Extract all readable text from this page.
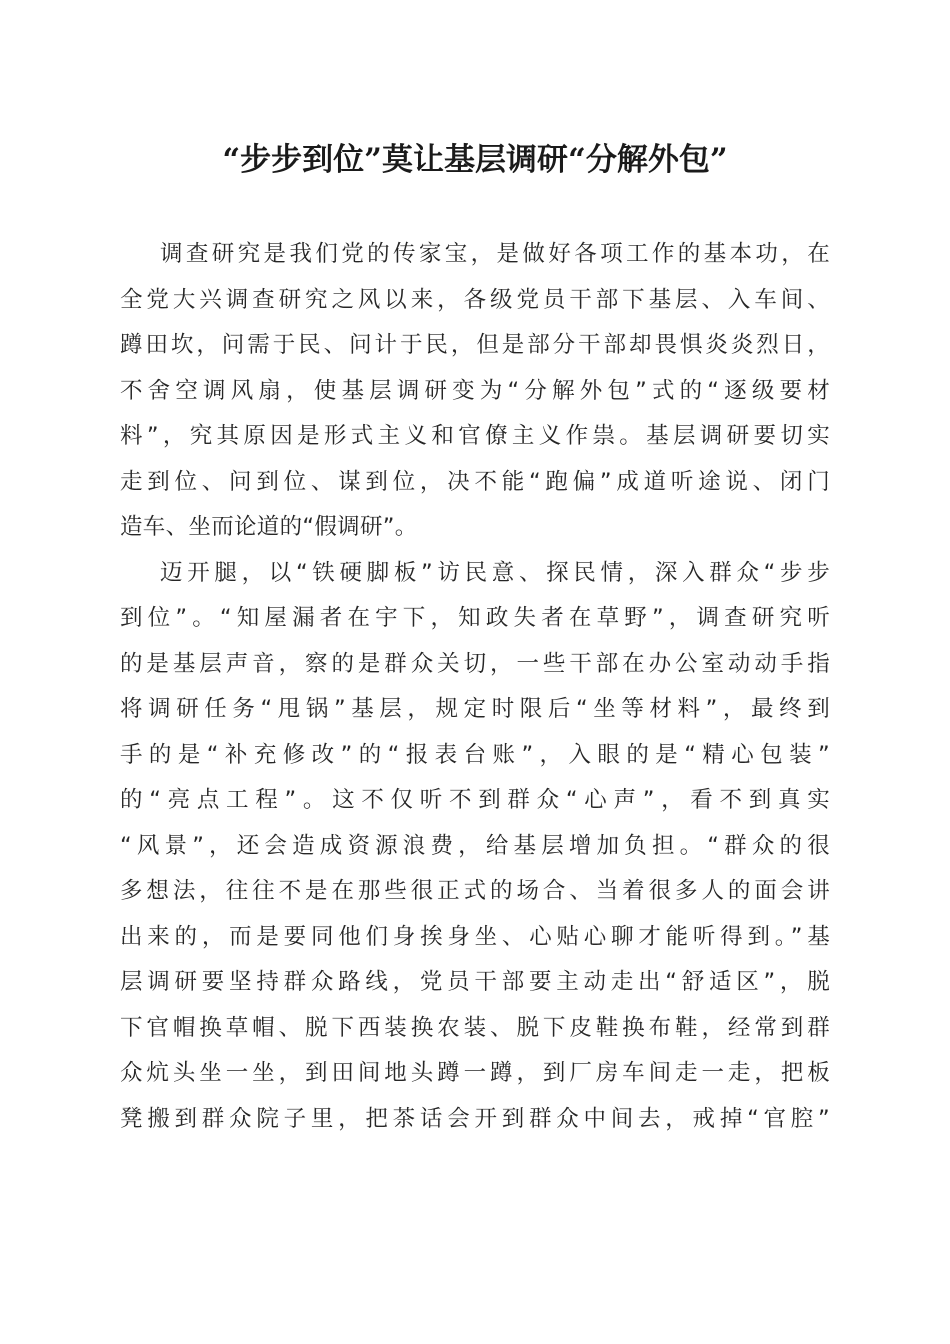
“步步到位”莫让基层调研“分解外包”
调查研究是我们党的传家宝，是做好各项工作的基本功，在
全党大兴调查研究之风以来，各级党员干部下基层、入车间、
蹲田坎，问需于民、问计于民，但是部分干部却畏惧炎炎烈日，
不舍空调风扇，使基层调研变为“分解外包”式的“逐级要材
料”，究其原因是形式主义和官僚主义作祟。基层调研要切实
走到位、问到位、谋到位，决不能“跑偏”成道听途说、闭门
造车、坐而论道的“假调研”。
迈开腿，以“铁硬脚板”访民意、探民情，深入群众“步步
到位”。“知屋漏者在宇下，知政失者在草野”，调查研究听
的是基层声音，察的是群众关切，一些干部在办公室动动手指
将调研任务“甩锅”基层，规定时限后“坐等材料”，最终到
手的是“补充修改”的“报表台账”，入眼的是“精心包装”
的“亮点工程”。这不仅听不到群众“心声”，看不到真实
“风景”，还会造成资源浪费，给基层增加负担。“群众的很
多想法，往往不是在那些很正式的场合、当着很多人的面会讲
出来的，而是要同他们身挨身坐、心贴心聊才能听得到。”基
层调研要坚持群众路线，党员干部要主动走出“舒适区”，脱
下官帽换草帽、脱下西装换农装、脱下皮鞋换布鞋，经常到群
众炕头坐一坐，到田间地头蹲一蹲，到厂房车间走一走，把板
凳搬到群众院子里，把茶话会开到群众中间去，戒掉“官腔”
